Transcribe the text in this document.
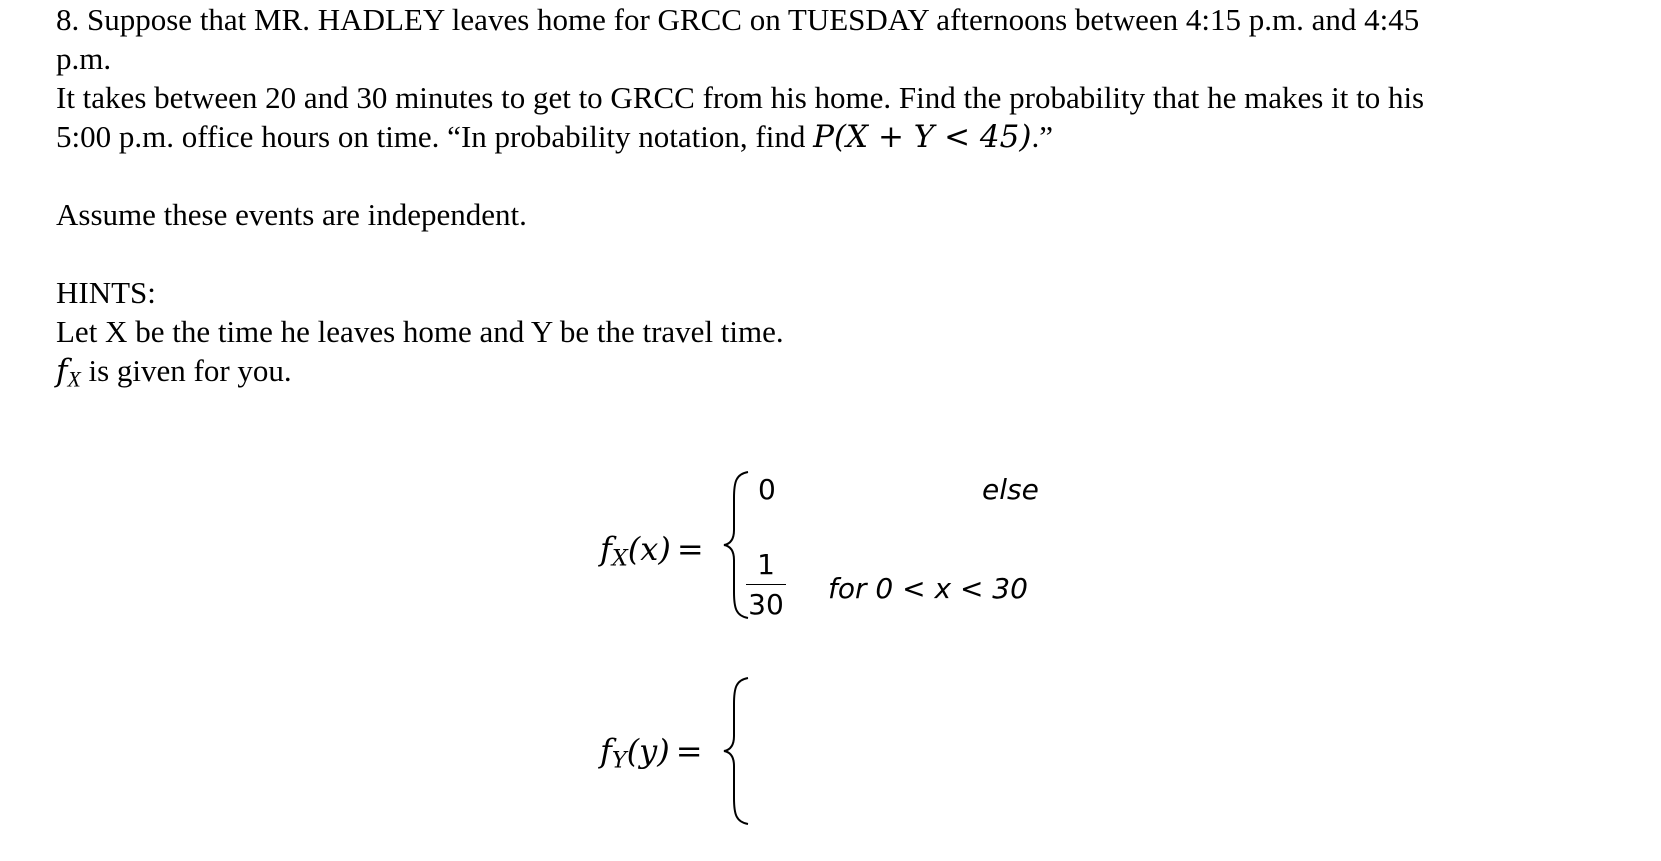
8. Suppose that MR. HADLEY leaves home for GRCC on TUESDAY afternoons between 4:15 p.m. and 4:45

p.m.

It takes between 20 and 30 minutes to get to GRCC from his home. Find the probability that he makes it to his

5:00 p.m. office hours on time. “In probability notation, find P(X + Y < 45).”

Assume these events are independent.

HINTS:

Let X be the time he leaves home and Y be the travel time.

$f_X$ is given for you.

$f_X(x)$ =
0	else
1
30 for 0 < x < 30
$f_Y(y)$ =
